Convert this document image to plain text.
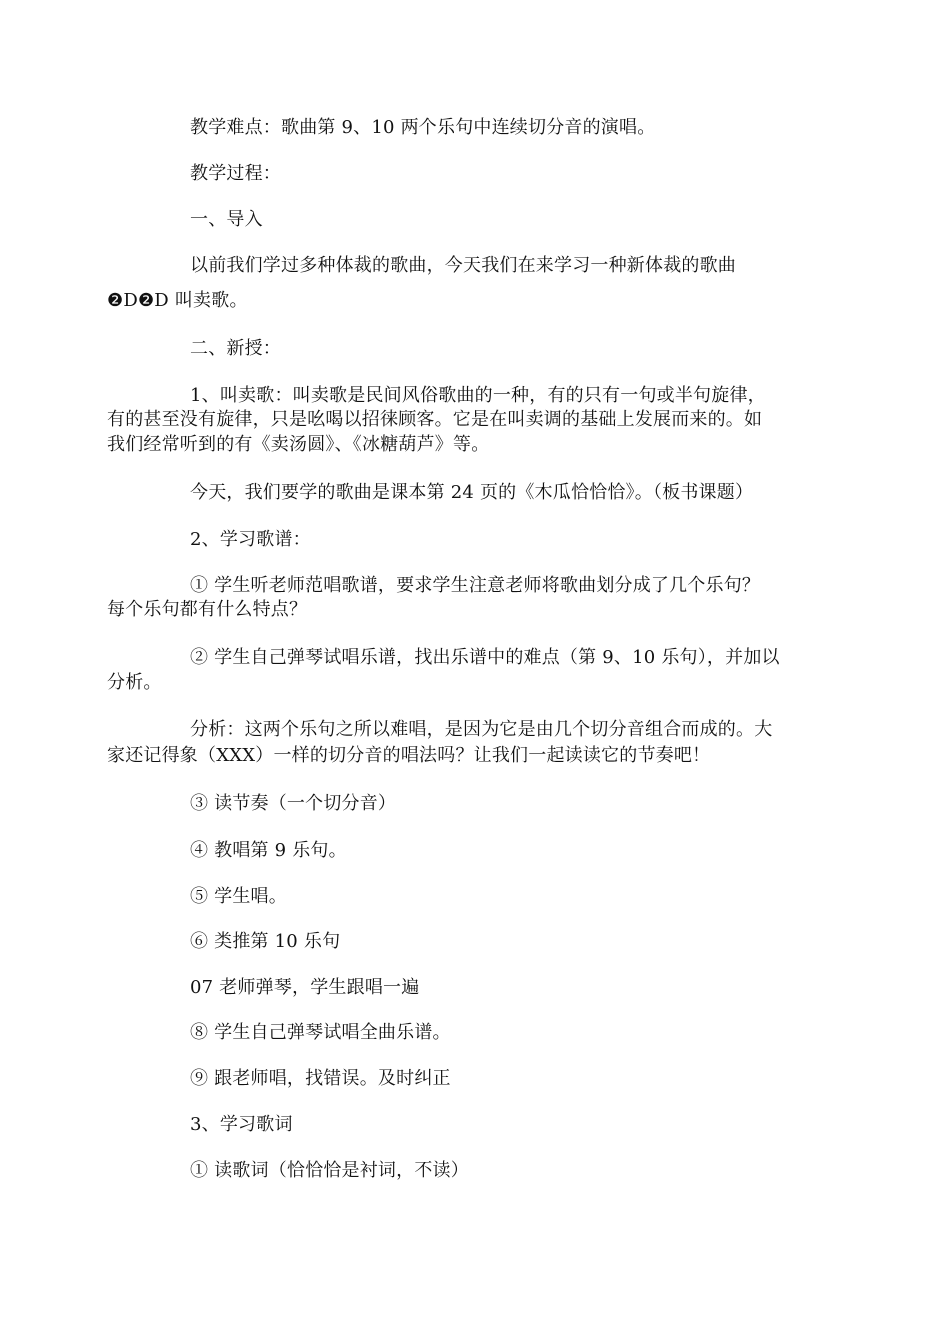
教学难点：歌曲第 9、10 两个乐句中连续切分音的演唱。
教学过程：
一、导入
以前我们学过多种体裁的歌曲，今天我们在来学习一种新体裁的歌曲
❷D❷D 叫卖歌。
二、新授：
1、叫卖歌：叫卖歌是民间风俗歌曲的一种，有的只有一句或半句旋律，
有的甚至没有旋律，只是吆喝以招徕顾客。它是在叫卖调的基础上发展而来的。如
我们经常听到的有《卖汤圆》、《冰糖葫芦》等。
今天，我们要学的歌曲是课本第 24 页的《木瓜恰恰恰》。（板书课题）
2、学习歌谱：
① 学生听老师范唱歌谱，要求学生注意老师将歌曲划分成了几个乐句？
每个乐句都有什么特点？
② 学生自己弹琴试唱乐谱，找出乐谱中的难点（第 9、10 乐句），并加以
分析。
分析：这两个乐句之所以难唱，是因为它是由几个切分音组合而成的。大
家还记得象（XXX）一样的切分音的唱法吗？让我们一起读读它的节奏吧！
③ 读节奏（一个切分音）
④ 教唱第 9 乐句。
⑤ 学生唱。
⑥ 类推第 10 乐句
07 老师弹琴，学生跟唱一遍
⑧ 学生自己弹琴试唱全曲乐谱。
⑨ 跟老师唱，找错误。及时纠正
3、学习歌词
① 读歌词（恰恰恰是衬词，不读）
